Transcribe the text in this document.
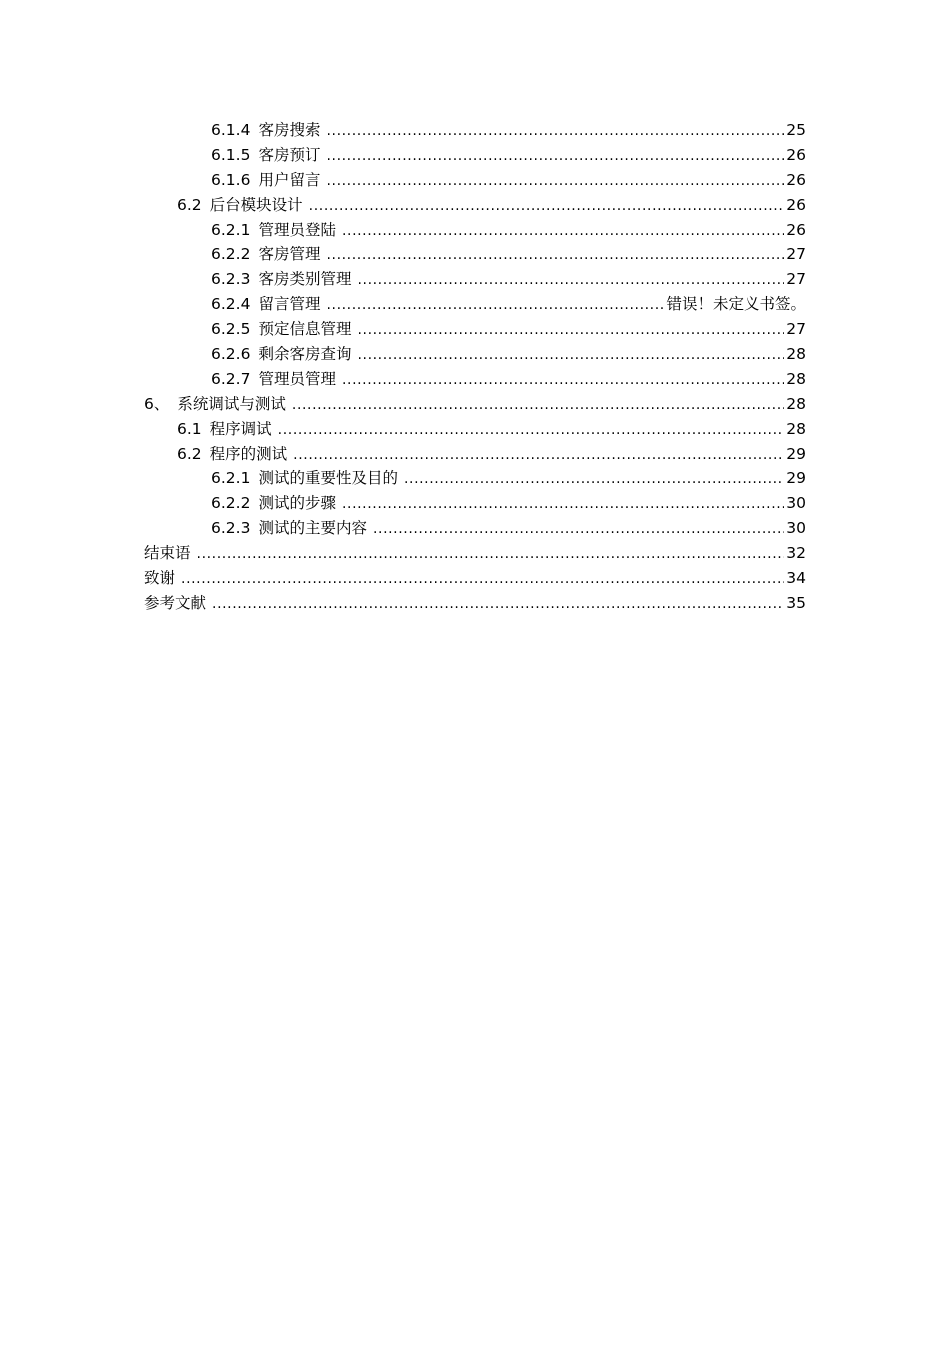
6.1.4 客房搜索 .....	25
6.1.5 客房预订 .....	26
6.1.6 用户留言 .....	26
6.2 后台模块设计 .....	26
6.2.1 管理员登陆 .....	26
6.2.2 客房管理 .....	27
6.2.3 客房类别管理 .....	27
6.2.4 留言管理 .....	错误！未定义书签。
6.2.5 预定信息管理 .....	27
6.2.6 剩余客房查询 .....	28
6.2.7 管理员管理 .....	28
6、 系统调试与测试 .....	28
6.1 程序调试 .....	28
6.2 程序的测试 .....	29
6.2.1 测试的重要性及目的 .....	29
6.2.2 测试的步骤 .....	30
6.2.3 测试的主要内容 .....	30
结束语 .....	32
致谢 .....	34
参考文献 .....	35
